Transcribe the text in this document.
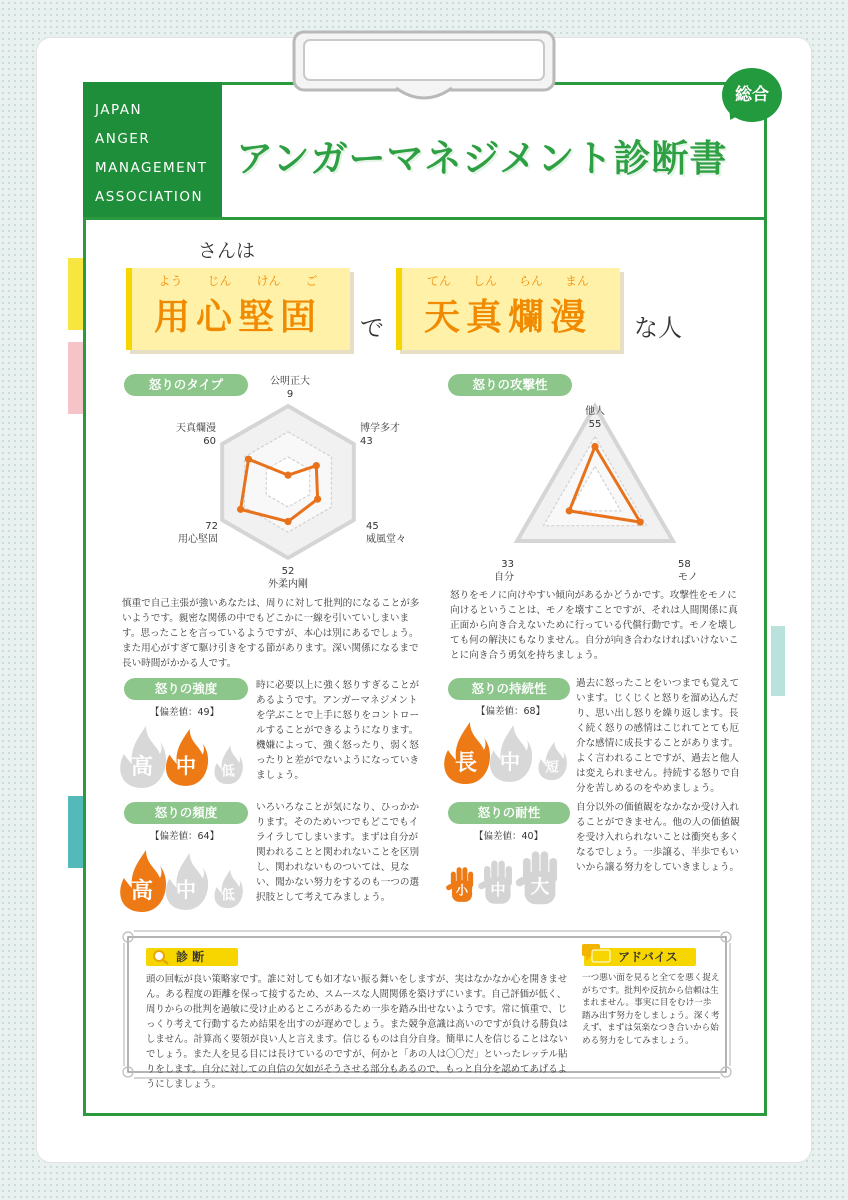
JAPAN
ANGER
MANAGEMENT
ASSOCIATION
アンガーマネジメント診断書
総合
さんは
よう じん けん ご
用心堅固	で
てん しん らん まん
天真爛漫	な人
怒りのタイプ	怒りの攻撃性
公明正大
9
博学多才
43
45
威風堂々
52
外柔内剛
72
用心堅固
天真爛漫
60
他人
55
58
モノ
33
自分
慎重で自己主張が強いあなたは、周りに対して批判的になることが多いようです。親密な関係の中でもどこかに一線を引いていしまいます。思ったことを言っているようですが、本心は別にあるでしょう。また用心がすぎて駆け引きをする節があります。深い関係になるまで長い時間がかかる人です。
怒りをモノに向けやすい傾向があるかどうかです。攻撃性をモノに向けるということは、モノを壊すことですが、それは人間関係に真正面から向き合えないために行っている代償行動です。モノを壊しても何の解決にもなりません。自分が向き合わなければいけないことに向き合う勇気を持ちましょう。
怒りの強度
【偏差値：49】
高 中 低
時に必要以上に強く怒りすぎることがあるようです。アンガーマネジメントを学ぶことで上手に怒りをコントロールすることができるようになります。機嫌によって、強く怒ったり、弱く怒ったりと差がでないようになっていきましょう。
怒りの持続性
【偏差値：68】
長 中 短
過去に怒ったことをいつまでも覚えています。じくじくと怒りを溜め込んだり、思い出し怒りを繰り返します。長く続く怒りの感情はこじれてとても厄介な感情に成長することがあります。よく言われることですが、過去と他人は変えられません。持続する怒りで自分を苦しめるのをやめましょう。
怒りの頻度
【偏差値：64】
高 中 低
いろいろなことが気になり、ひっかかります。そのためいつでもどこでもイライラしてしまいます。まずは自分が関われることと関われないことを区別し、関われないものついては、見ない、聞かない努力をするのも一つの選択肢として考えてみましょう。
怒りの耐性
【偏差値：40】
小 中 大
自分以外の価値観をなかなか受け入れることができません。他の人の価値観を受け入れられないことは衝突も多くなるでしょう。一歩譲る、半歩でもいいから譲る努力をしていきましょう。
診 断
頭の回転が良い策略家です。誰に対しても如才ない振る舞いをしますが、実はなかなか心を開きません。ある程度の距離を保って接するため、スムースな人間関係を築けずにいます。自己評価が低く、周りからの批判を過敏に受け止めるところがあるため一歩を踏み出せないようです。常に慎重で、じっくり考えて行動するため結果を出すのが遅めでしょう。また競争意識は高いのですが負ける勝負はしません。計算高く要領が良い人と言えます。信じるものは自分自身。簡単に人を信じることはないでしょう。また人を見る目には長けているのですが、何かと「あの人は〇〇だ」といったレッテル貼りをします。自分に対しての自信の欠如がそうさせる部分もあるので、もっと自分を認めてあげるようにしましょう。
アドバイス
一つ悪い面を見ると全てを悪く捉えがちです。批判や反抗から信頼は生まれません。事実に目をむけ一歩踏み出す努力をしましょう。深く考えず、まずは気楽なつき合いから始める努力をしてみましょう。
